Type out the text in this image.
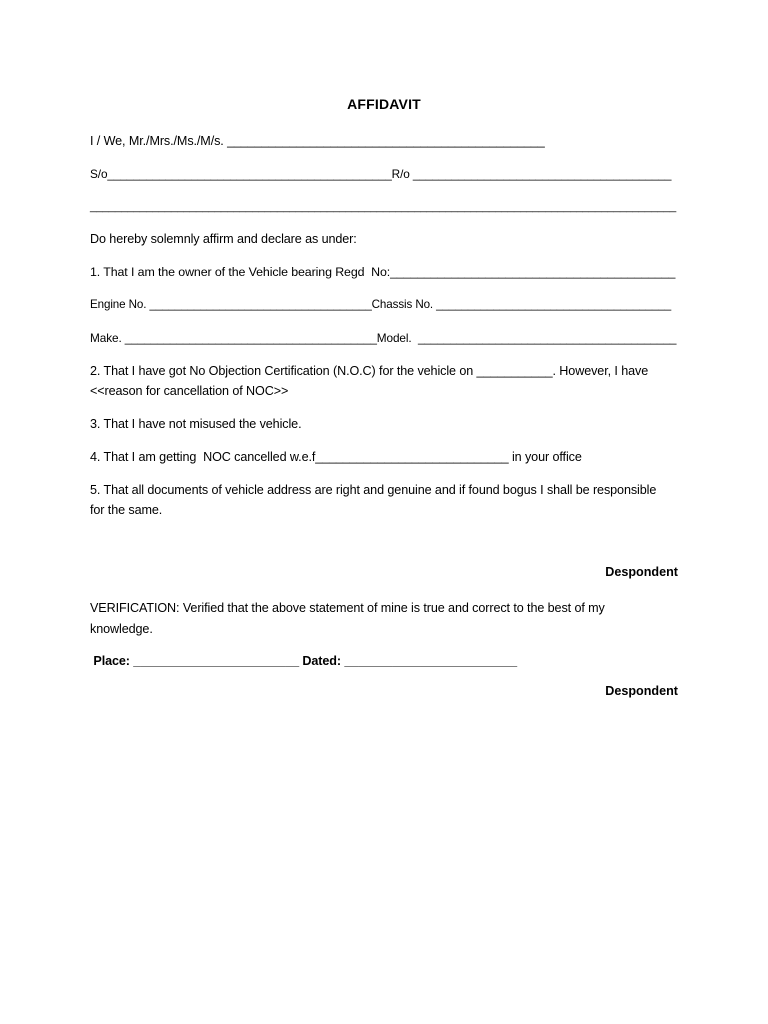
AFFIDAVIT
I / We, Mr./Mrs./Ms./M/s. ______________________________________________
S/o____________________________________________R/o ________________________________________
______________________________________________________________________________________________
Do hereby solemnly affirm and declare as under:
1. That I am the owner of the Vehicle bearing Regd  No:__________________________________________
Engine No. ___________________________________Chassis No. _____________________________________
Make. _______________________________________Model.  ________________________________________
2. That I have got No Objection Certification (N.O.C) for the vehicle on ___________. However, I have
<<reason for cancellation of NOC>>
3. That I have not misused the vehicle.
4. That I am getting  NOC cancelled w.e.f____________________________ in your office
5. That all documents of vehicle address are right and genuine and if found bogus I shall be responsible
for the same.
Despondent
VERIFICATION: Verified that the above statement of mine is true and correct to the best of my
knowledge.
Place: ________________________ Dated: _________________________
Despondent
